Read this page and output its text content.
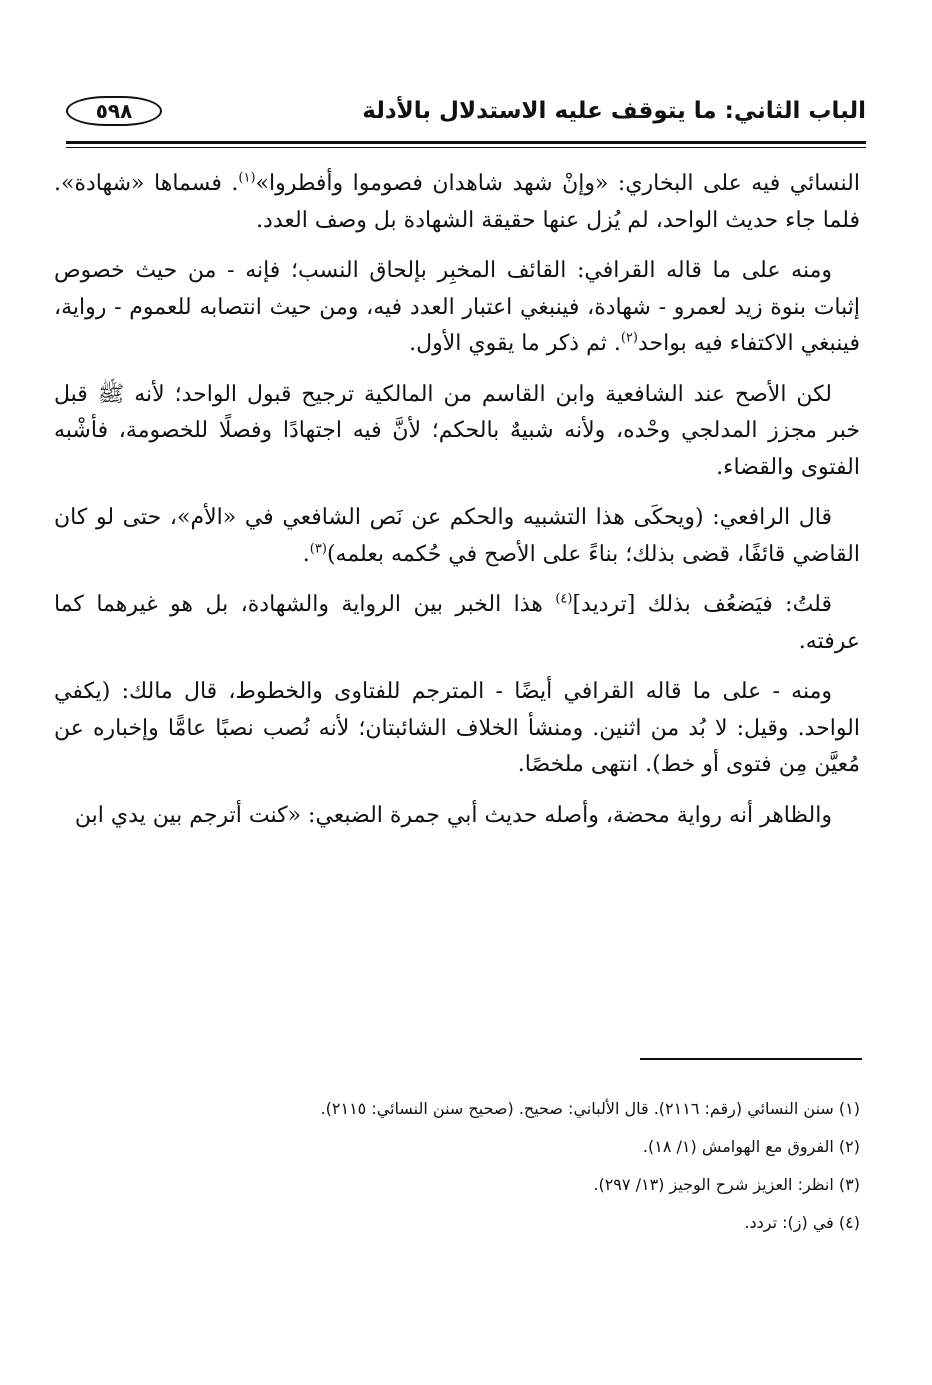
الباب الثاني: ما يتوقف عليه الاستدلال بالأدلة
٥٩٨

النسائي فيه على البخاري: «وإنْ شهد شاهدان فصوموا وأفطروا»$^{(١)}$. فسماها «شهادة». فلما جاء حديث الواحد، لم يُزل عنها حقيقة الشهادة بل وصف العدد.

ومنه على ما قاله القرافي: القائف المخبِر بإلحاق النسب؛ فإنه - من حيث خصوص إثبات بنوة زيد لعمرو - شهادة، فينبغي اعتبار العدد فيه، ومن حيث انتصابه للعموم - رواية، فينبغي الاكتفاء فيه بواحد$^{(٢)}$. ثم ذكر ما يقوي الأول.

لكن الأصح عند الشافعية وابن القاسم من المالكية ترجيح قبول الواحد؛ لأنه ﷺ قبل خبر مجزز المدلجي وحْده، ولأنه شبيهٌ بالحكم؛ لأنَّ فيه اجتهادًا وفصلًا للخصومة، فأشْبه الفتوى والقضاء.

قال الرافعي: (ويحكَى هذا التشبيه والحكم عن نَص الشافعي في «الأم»، حتى لو كان القاضي قائفًا، قضى بذلك؛ بناءً على الأصح في حُكمه بعلمه)$^{(٣)}$.

قلتُ: فيَضعُف بذلك [ترديد]$^{(٤)}$ هذا الخبر بين الرواية والشهادة، بل هو غيرهما كما عرفته.

ومنه - على ما قاله القرافي أيضًا - المترجم للفتاوى والخطوط، قال مالك: (يكفي الواحد. وقيل: لا بُد من اثنين. ومنشأ الخلاف الشائبتان؛ لأنه نُصب نصبًا عامًّا وإخباره عن مُعيَّن مِن فتوى أو خط). انتهى ملخصًا.

والظاهر أنه رواية محضة، وأصله حديث أبي جمرة الضبعي: «كنت أترجم بين يدي ابن

(١) سنن النسائي (رقم: ٢١١٦). قال الألباني: صحيح. (صحيح سنن النسائي: ٢١١٥).

(٢) الفروق مع الهوامش (١/ ١٨).

(٣) انظر: العزيز شرح الوجيز (١٣/ ٢٩٧).

(٤) في (ز): تردد.
